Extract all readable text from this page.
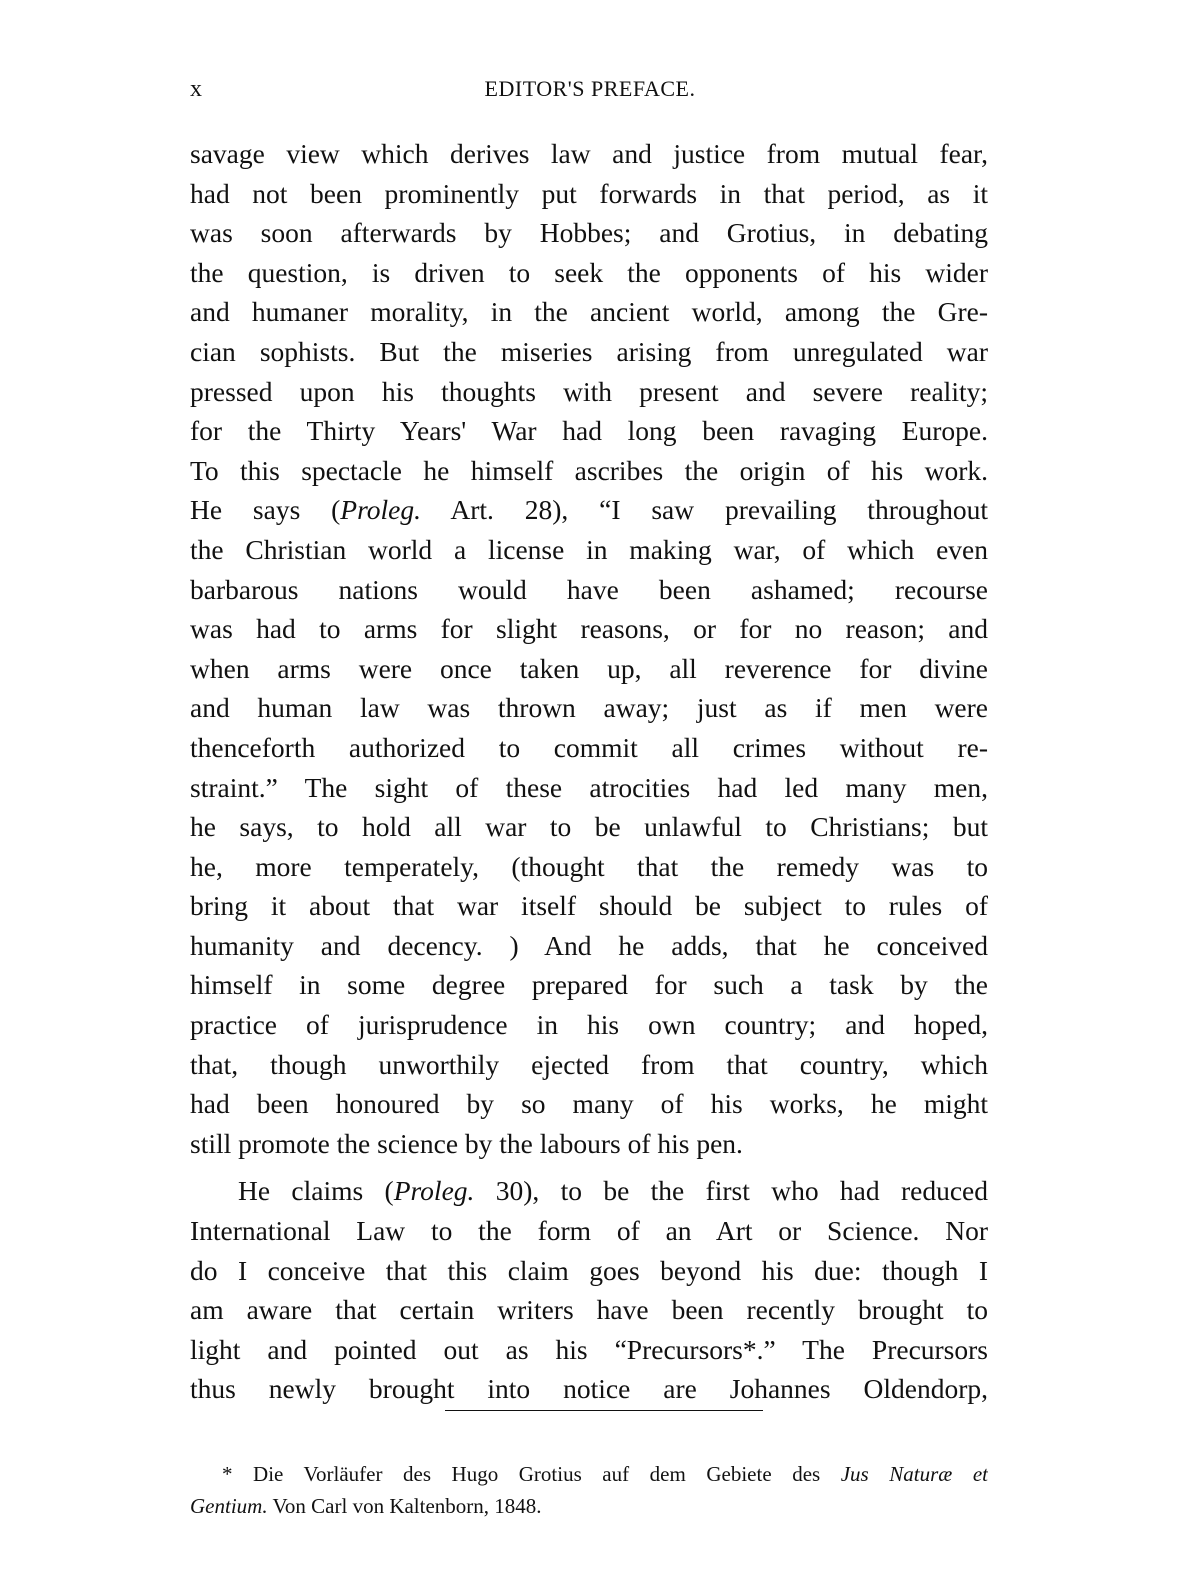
x	EDITOR'S PREFACE.
savage view which derives law and justice from mutual fear,
had not been prominently put forwards in that period, as it
was soon afterwards by Hobbes; and Grotius, in debating
the question, is driven to seek the opponents of his wider
and humaner morality, in the ancient world, among the Gre-
cian sophists. But the miseries arising from unregulated war
pressed upon his thoughts with present and severe reality;
for the Thirty Years' War had long been ravaging Europe.
To this spectacle he himself ascribes the origin of his work.
He says (Proleg. Art. 28), “I saw prevailing throughout
the Christian world a license in making war, of which even
barbarous nations would have been ashamed; recourse
was had to arms for slight reasons, or for no reason; and
when arms were once taken up, all reverence for divine
and human law was thrown away; just as if men were
thenceforth authorized to commit all crimes without re-
straint.” The sight of these atrocities had led many men,
he says, to hold all war to be unlawful to Christians; but
he, more temperately, (thought that the remedy was to
bring it about that war itself should be subject to rules of
humanity and decency. ) And he adds, that he conceived
himself in some degree prepared for such a task by the
practice of jurisprudence in his own country; and hoped,
that, though unworthily ejected from that country, which
had been honoured by so many of his works, he might
still promote the science by the labours of his pen.
He claims (Proleg. 30), to be the first who had reduced
International Law to the form of an Art or Science. Nor
do I conceive that this claim goes beyond his due: though I
am aware that certain writers have been recently brought to
light and pointed out as his “Precursors*.” The Precursors
thus newly brought into notice are Johannes Oldendorp,
* Die Vorläufer des Hugo Grotius auf dem Gebiete des Jus Naturæ et
Gentium. Von Carl von Kaltenborn, 1848.
